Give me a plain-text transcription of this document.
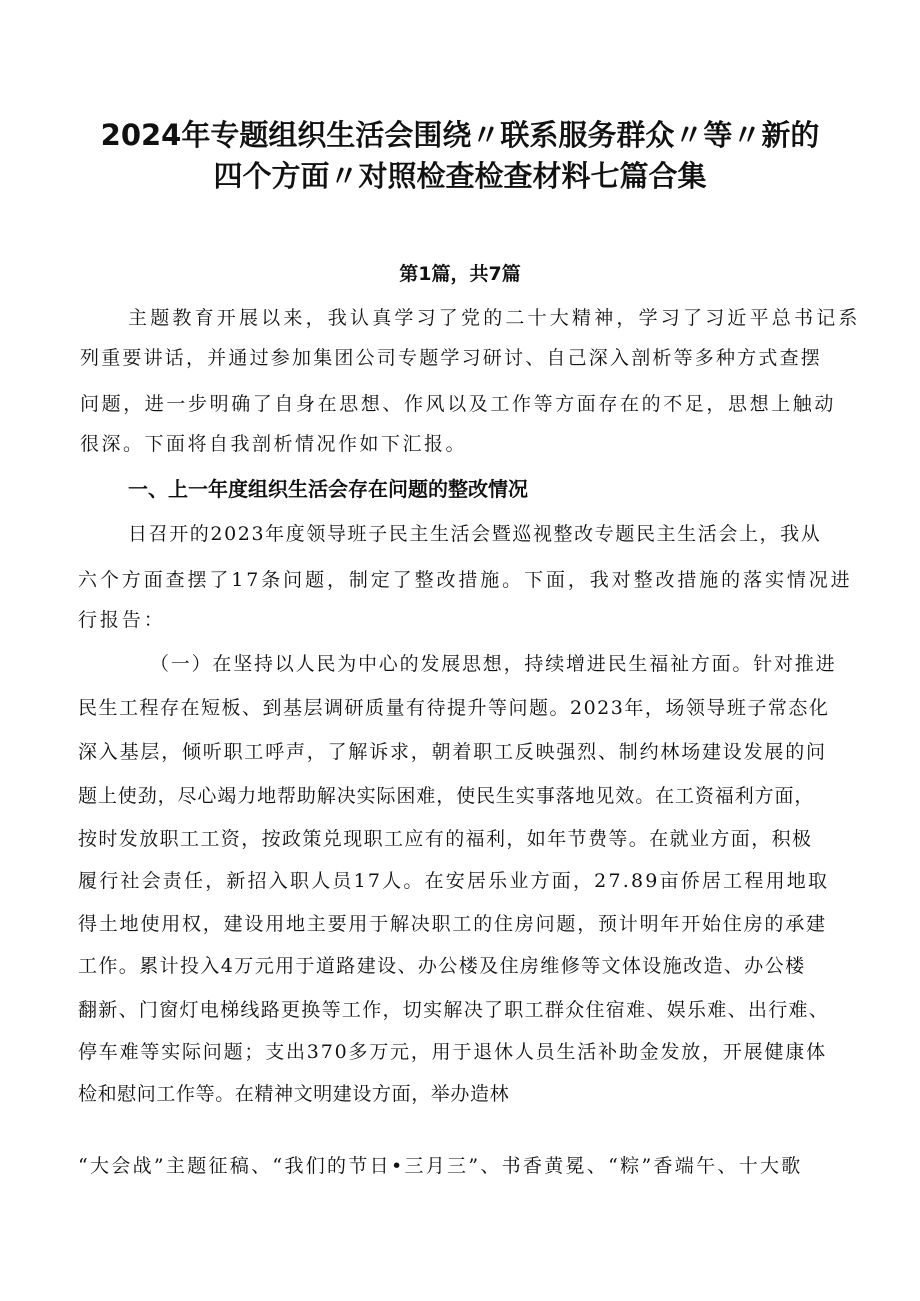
2024年专题组织生活会围绕〃联系服务群众〃等〃新的
四个方面〃对照检查检查材料七篇合集
第1篇，共7篇
主题教育开展以来，我认真学习了党的二十大精神，学习了习近平总书记系
列重要讲话，并通过参加集团公司专题学习研讨、自己深入剖析等多种方式查摆
问题，进一步明确了自身在思想、作风以及工作等方面存在的不足，思想上触动
很深。下面将自我剖析情况作如下汇报。
一、上一年度组织生活会存在问题的整改情况
日召开的2023年度领导班子民主生活会暨巡视整改专题民主生活会上，我从
六个方面查摆了17条问题，制定了整改措施。下面，我对整改措施的落实情况进
行报告：
（一）在坚持以人民为中心的发展思想，持续增进民生福祉方面。针对推进
民生工程存在短板、到基层调研质量有待提升等问题。2023年，场领导班子常态化
深入基层，倾听职工呼声，了解诉求，朝着职工反映强烈、制约林场建设发展的问
题上使劲，尽心竭力地帮助解决实际困难，使民生实事落地见效。在工资福利方面，
按时发放职工工资，按政策兑现职工应有的福利，如年节费等。在就业方面，积极
履行社会责任，新招入职人员17人。在安居乐业方面，27.89亩侨居工程用地取
得土地使用权，建设用地主要用于解决职工的住房问题，预计明年开始住房的承建
工作。累计投入4万元用于道路建设、办公楼及住房维修等文体设施改造、办公楼
翻新、门窗灯电梯线路更换等工作，切实解决了职工群众住宿难、娱乐难、出行难、
停车难等实际问题；支出370多万元，用于退休人员生活补助金发放，开展健康体
检和慰问工作等。在精神文明建设方面，举办造林
“大会战”主题征稿、“我们的节日•三月三”、书香黄冕、“粽”香端午、十大歌
